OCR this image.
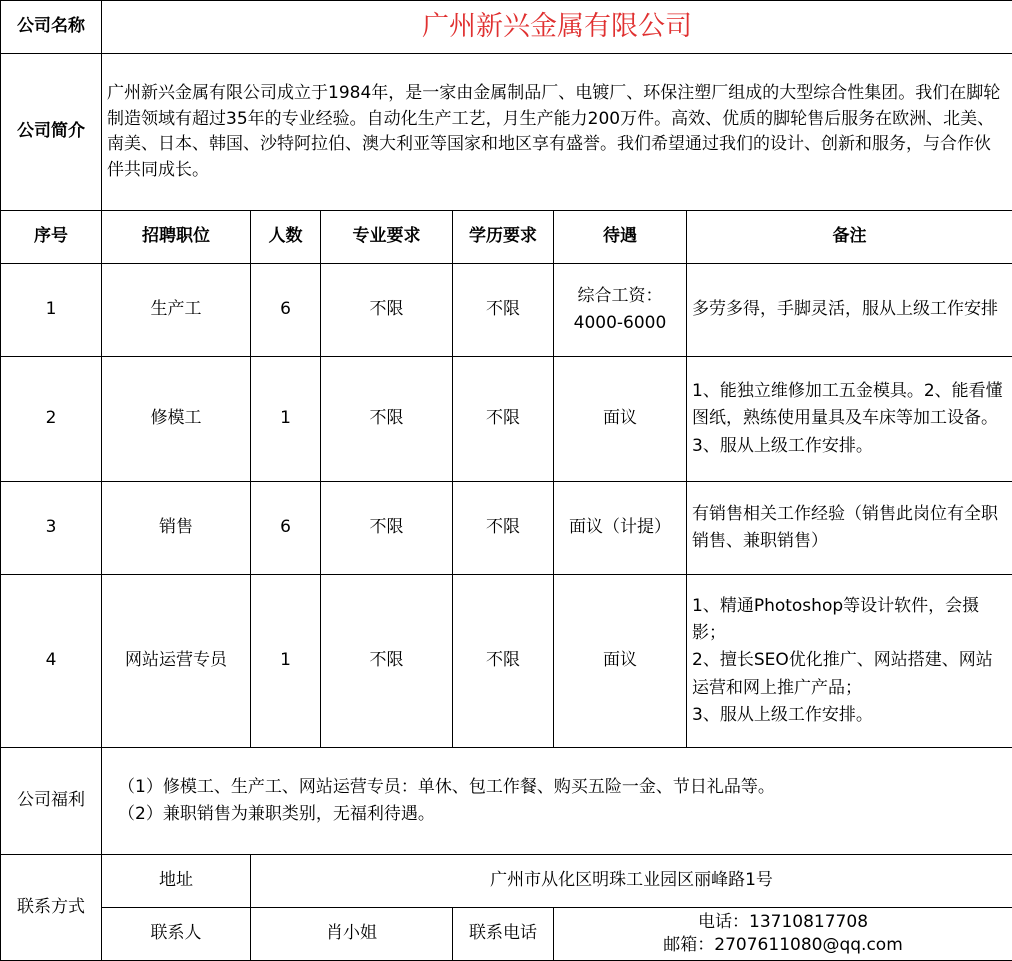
公司名称	广州新兴金属有限公司					
公司简介	广州新兴金属有限公司成立于1984年，是一家由金属制品厂、电镀厂、环保注塑厂组成的大型综合性集团。我们在脚轮制造领域有超过35年的专业经验。自动化生产工艺，月生产能力200万件。高效、优质的脚轮售后服务在欧洲、北美、南美、日本、韩国、沙特阿拉伯、澳大利亚等国家和地区享有盛誉。我们希望通过我们的设计、创新和服务，与合作伙伴共同成长。					
序号	招聘职位	人数	专业要求	学历要求	待遇	备注
1	生产工	6	不限	不限	综合工资：4000-6000	多劳多得，手脚灵活，服从上级工作安排
2	修模工	1	不限	不限	面议	1、能独立维修加工五金模具。2、能看懂图纸，熟练使用量具及车床等加工设备。3、服从上级工作安排。
3	销售	6	不限	不限	面议（计提）	有销售相关工作经验（销售此岗位有全职销售、兼职销售）
4	网站运营专员	1	不限	不限	面议	1、精通Photoshop等设计软件，会摄影；
2、擅长SEO优化推广、网站搭建、网站运营和网上推广产品；
3、服从上级工作安排。

公司福利	（1）修模工、生产工、网站运营专员：单休、包工作餐、购买五险一金、节日礼品等。
（2）兼职销售为兼职类别，无福利待遇。					

联系方式	地址	广州市从化区明珠工业园区丽峰路1号				
	联系人	肖小姐		联系电话	电话：13710817708
邮箱：2707611080@qq.com	
